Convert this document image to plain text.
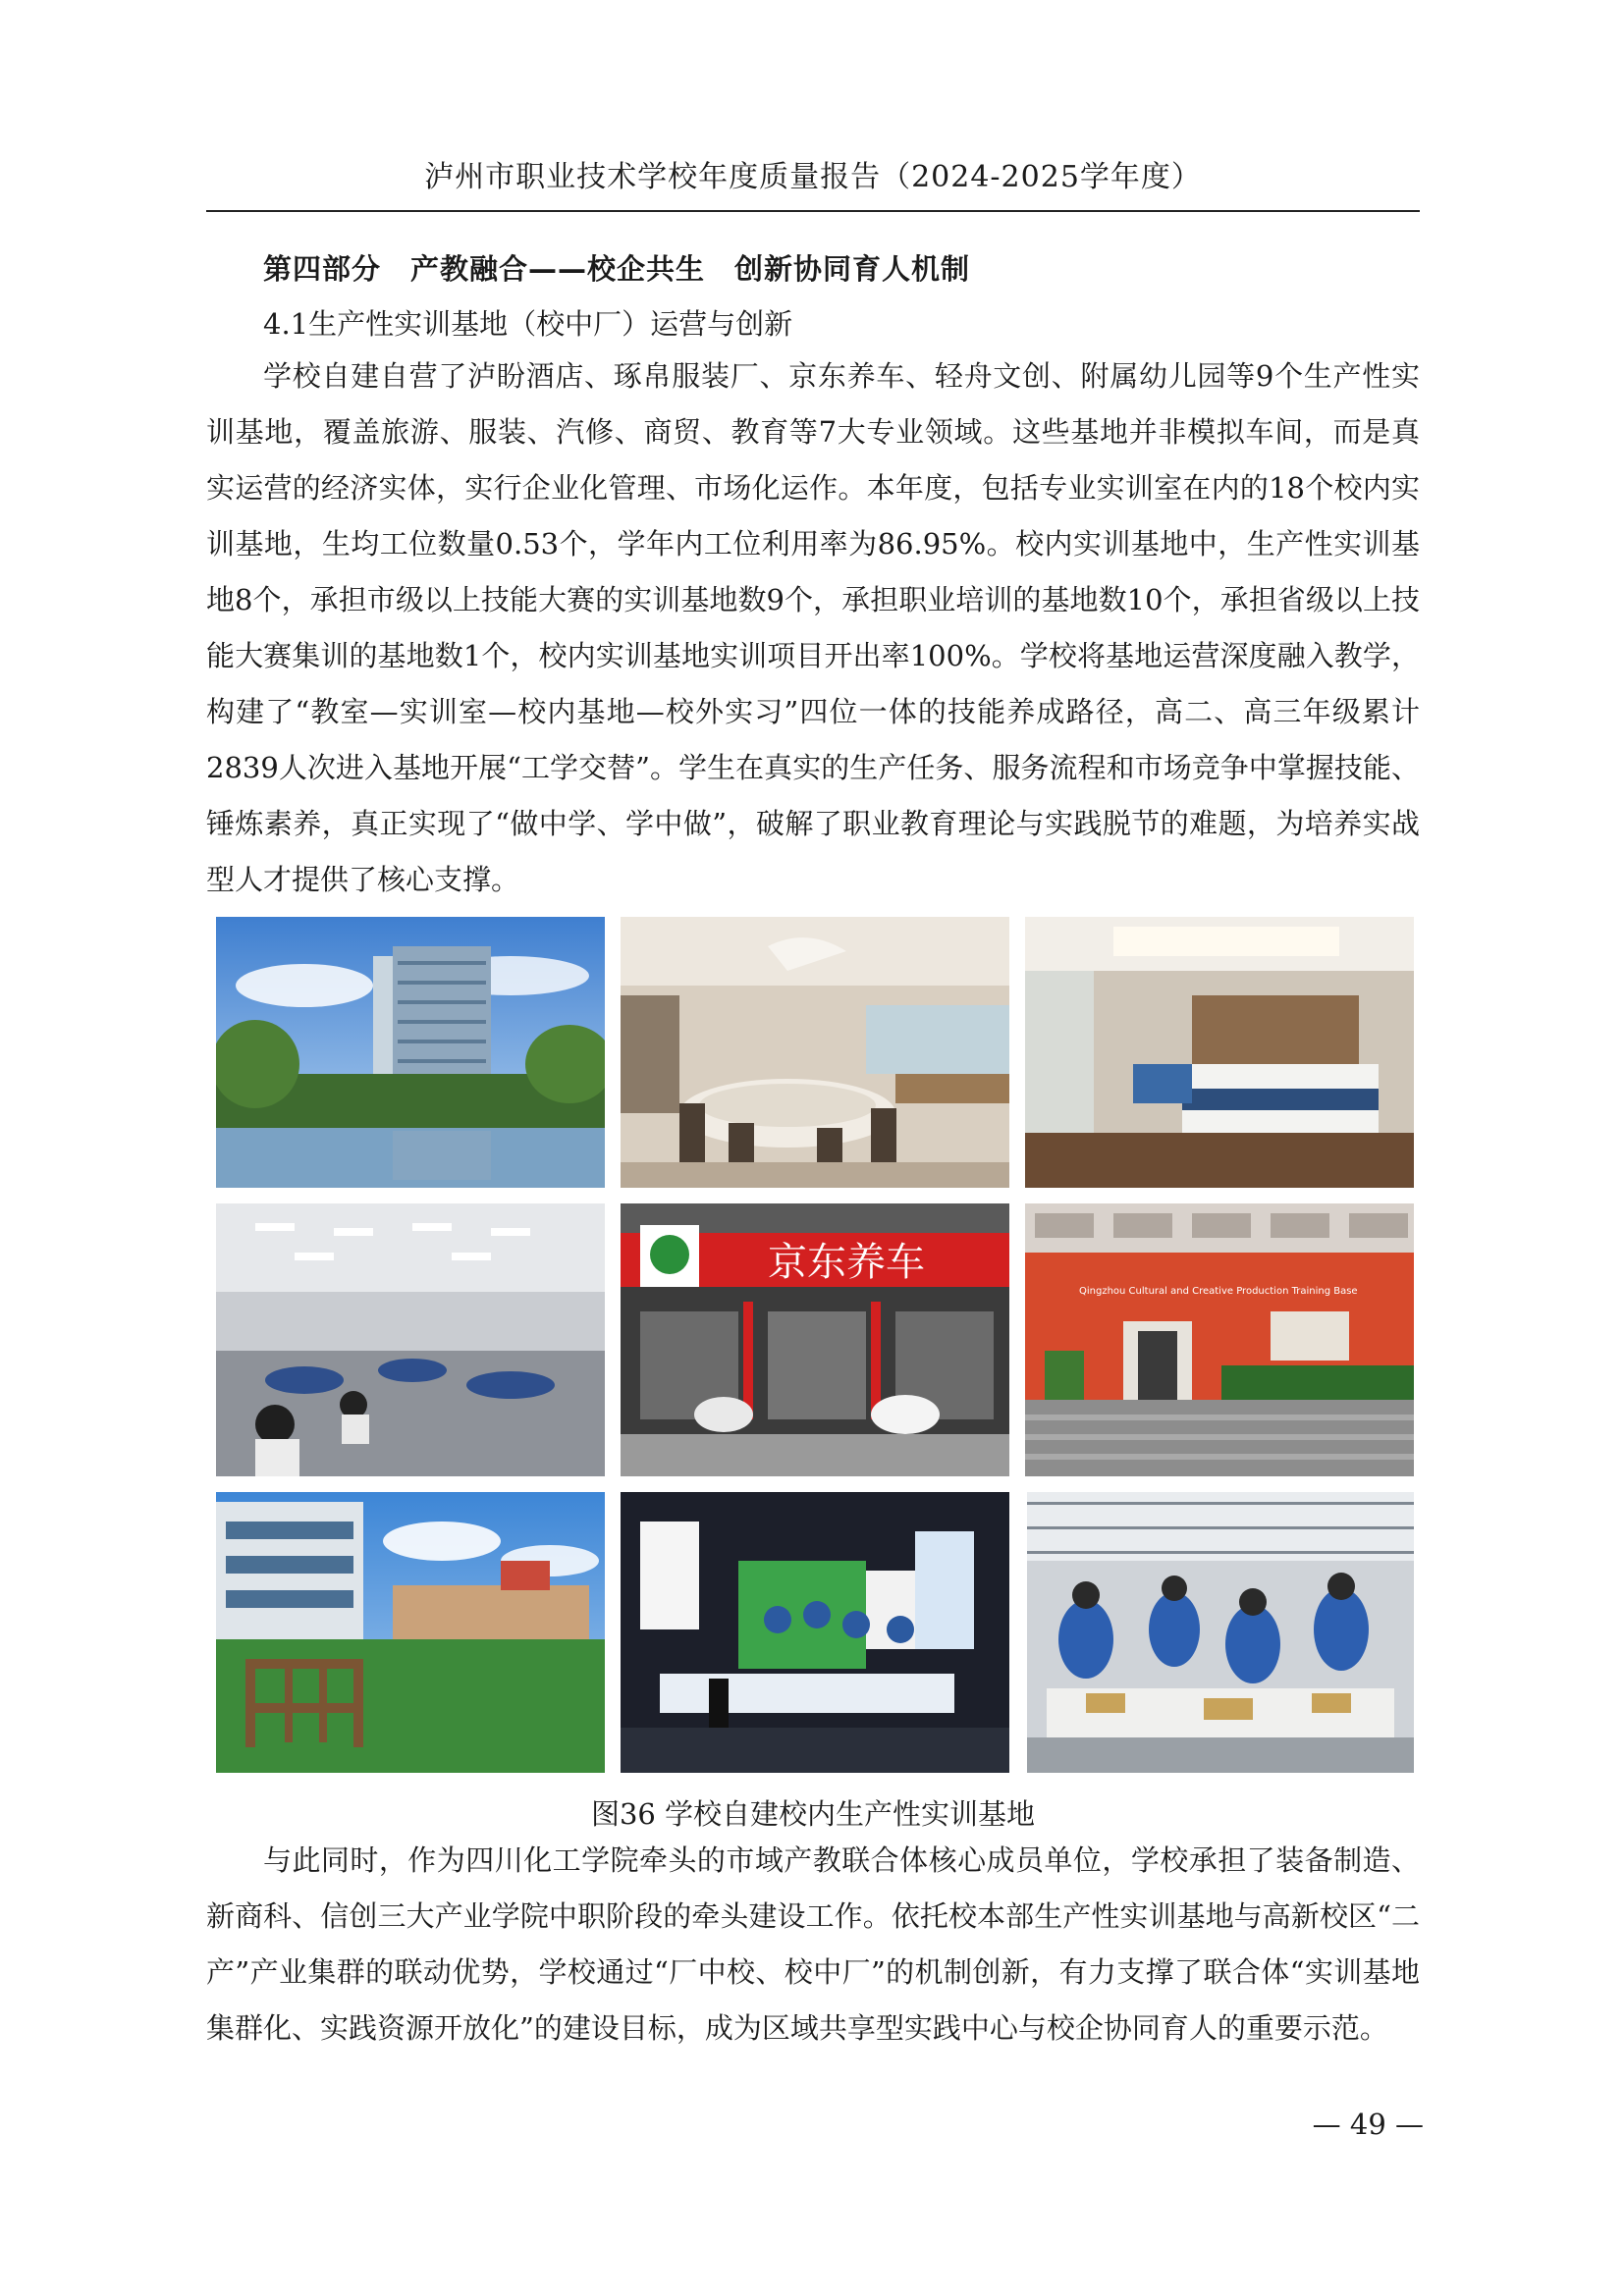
泸州市职业技术学校年度质量报告（2024-2025学年度）
第四部分　产教融合——校企共生　创新协同育人机制
4.1生产性实训基地（校中厂）运营与创新

学校自建自营了泸盼酒店、琢帛服装厂、京东养车、轻舟文创、附属幼儿园等9个生产性实训基地，覆盖旅游、服装、汽修、商贸、教育等7大专业领域。这些基地并非模拟车间，而是真实运营的经济实体，实行企业化管理、市场化运作。本年度，包括专业实训室在内的18个校内实训基地，生均工位数量0.53个，学年内工位利用率为86.95%。校内实训基地中，生产性实训基地8个，承担市级以上技能大赛的实训基地数9个，承担职业培训的基地数10个，承担省级以上技能大赛集训的基地数1个，校内实训基地实训项目开出率100%。学校将基地运营深度融入教学，构建了“教室—实训室—校内基地—校外实习”四位一体的技能养成路径，高二、高三年级累计2839人次进入基地开展“工学交替”。学生在真实的生产任务、服务流程和市场竞争中掌握技能、锤炼素养，真正实现了“做中学、学中做”，破解了职业教育理论与实践脱节的难题，为培养实战型人才提供了核心支撑。

京东养车
Qingzhou Cultural and Creative Production Training Base
图36 学校自建校内生产性实训基地

与此同时，作为四川化工学院牵头的市域产教联合体核心成员单位，学校承担了装备制造、新商科、信创三大产业学院中职阶段的牵头建设工作。依托校本部生产性实训基地与高新校区“二产”产业集群的联动优势，学校通过“厂中校、校中厂”的机制创新，有力支撑了联合体“实训基地集群化、实践资源开放化”的建设目标，成为区域共享型实践中心与校企协同育人的重要示范。

— 49 —
